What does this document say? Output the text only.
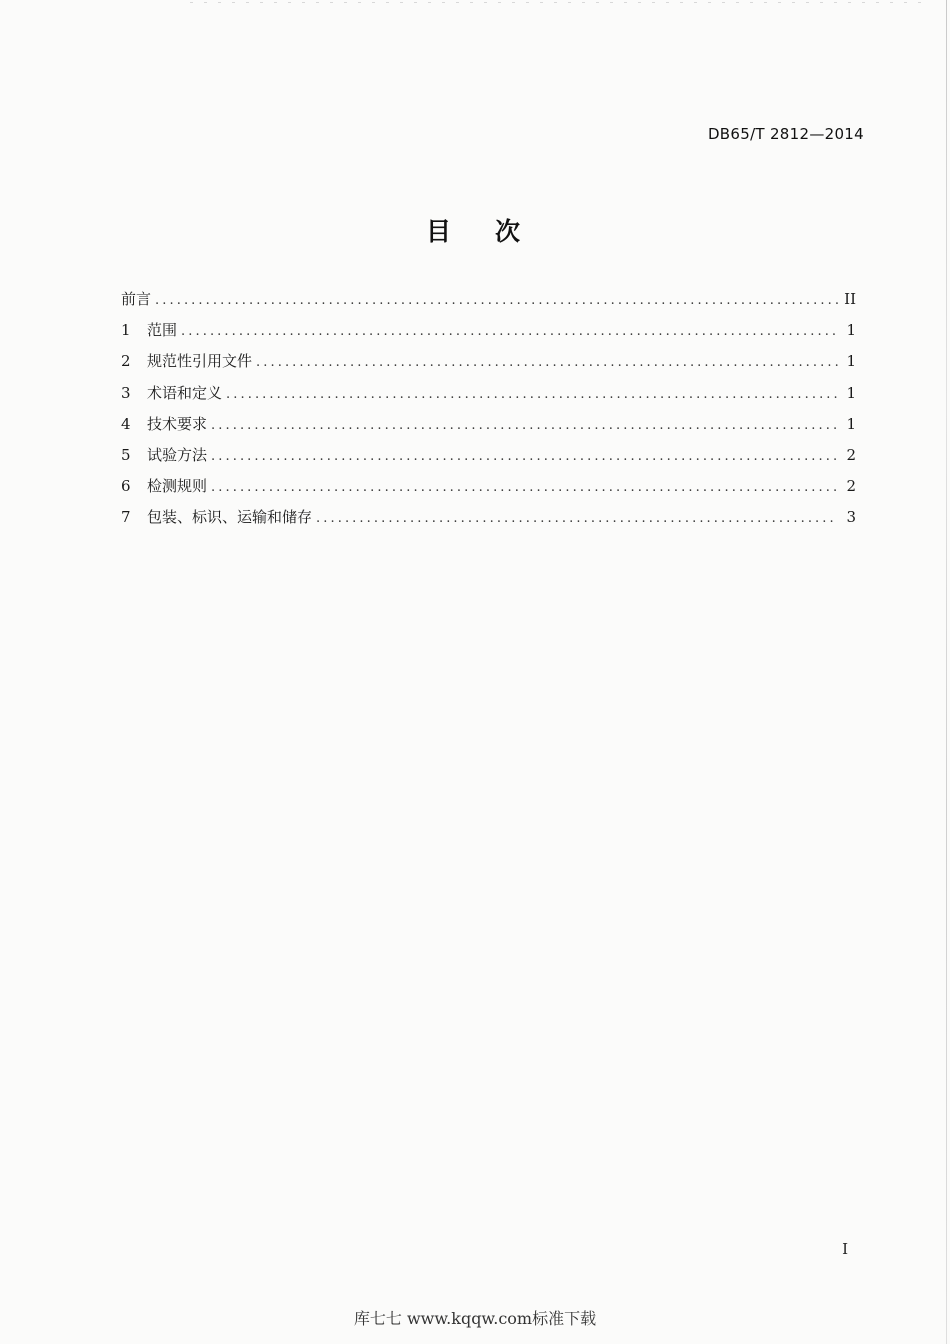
DB65/T 2812—2014
目次
前言 .....	II
1	范围 .....	1
2	规范性引用文件 .....	1
3	术语和定义 .....	1
4	技术要求 .....	1
5	试验方法 .....	2
6	检测规则 .....	2
7	包装、标识、运输和储存 .....	3
I
库七七 www.kqqw.com标准下载
